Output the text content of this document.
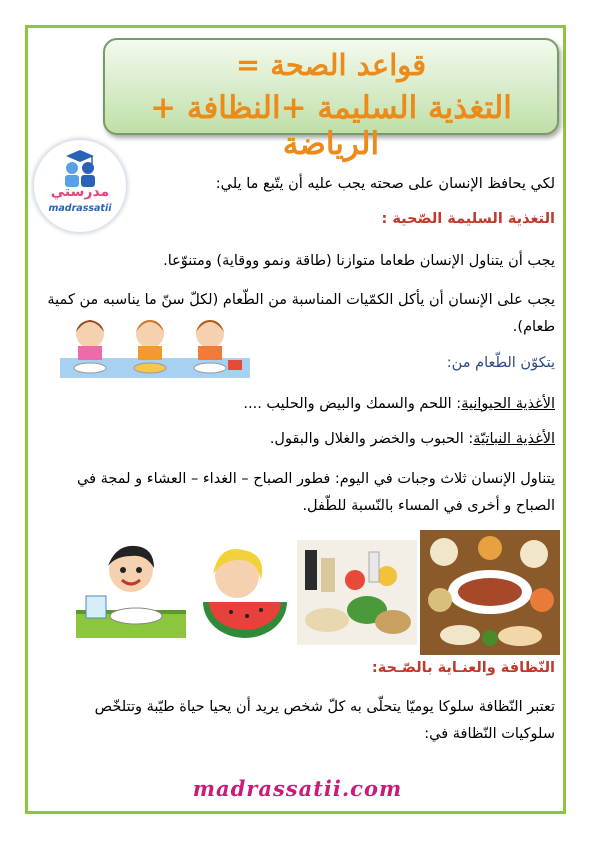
قواعد الصحة =
التغذية السليمة +النظافة + الرياضة
مدرستي
madrassatii
لكي يحافظ الإنسان على صحته يجب عليه أن يتّبع ما يلي:
التغذية السليمة الصّحية :
يجب أن يتناول الإنسان طعاما متوازنا (طاقة ونمو ووقاية) ومتنوّعا.
يجب على الإنسان أن يأكل الكمّيات المناسبة من الطّعام (لكلّ سنّ ما يناسبه من كمية طعام).
يتكوّن الطّعام من:
الأغذية الحيوانية: اللحم والسمك والبيض والحليب ....
الأغذية النباتيّة: الحبوب والخضر والغلال والبقول.
يتناول الإنسان ثلاث وجبات في اليوم: فطور الصباح – الغداء – العشاء و لمجة في الصباح و أخرى في المساء بالنّسبة للطّفل.
النّظافة والعنـاية بالصّـحة:
تعتبر النّظافة سلوكا يوميّا يتحلّى به كلّ شخص يريد أن يحيا حياة طيّبة وتتلخّص سلوكيات النّظافة في:
madrassatii.com
